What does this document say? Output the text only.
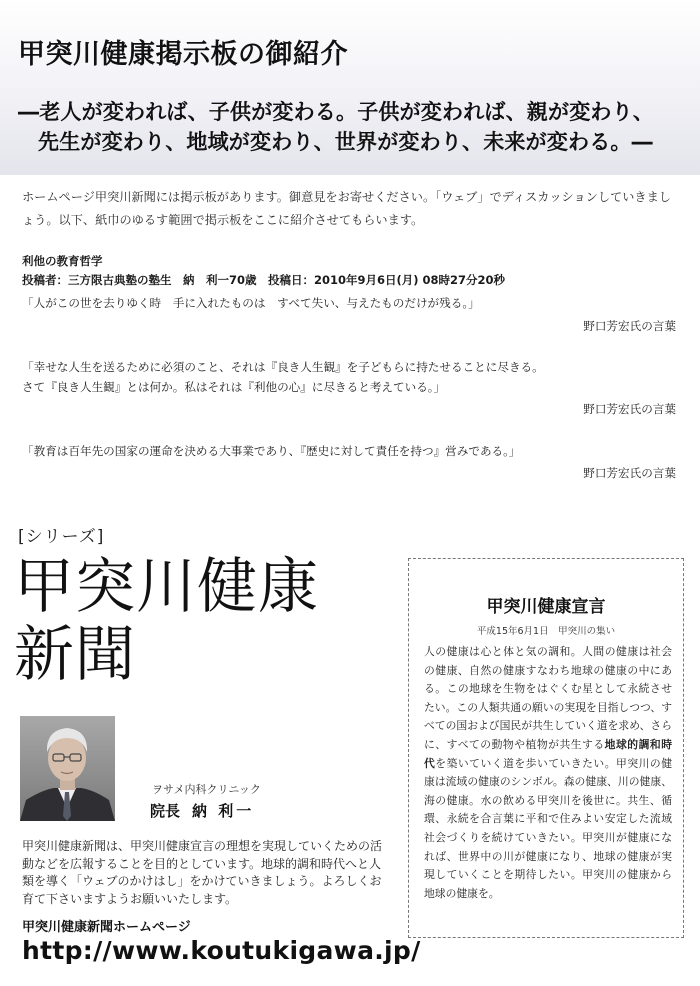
甲突川健康掲示板の御紹介
―老人が変われば、子供が変わる。子供が変われば、親が変わり、
先生が変わり、地域が変わり、世界が変わり、未来が変わる。―
ホームページ甲突川新聞には掲示板があります。御意見をお寄せください。「ウェブ」でディスカッションしていきましょう。以下、紙巾のゆるす範囲で掲示板をここに紹介させてもらいます。
利他の教育哲学
投稿者：三方限古典塾の塾生　納　利一70歳　投稿日：2010年9月6日(月) 08時27分20秒
「人がこの世を去りゆく時　手に入れたものは　すべて失い、与えたものだけが残る。」
野口芳宏氏の言葉
「幸せな人生を送るために必須のこと、それは『良き人生観』を子どもらに持たせることに尽きる。
さて『良き人生観』とは何か。私はそれは『利他の心』に尽きると考えている。」
野口芳宏氏の言葉
「教育は百年先の国家の運命を決める大事業であり、『歴史に対して責任を持つ』営みである。」
野口芳宏氏の言葉
[シリーズ]
甲突川健康
新聞
ヲサメ内科クリニック
院長 納 利一
甲突川健康新聞は、甲突川健康宣言の理想を実現していくための活動などを広報することを目的としています。地球的調和時代へと人類を導く「ウェブのかけはし」をかけていきましょう。よろしくお育て下さいますようお願いいたします。
甲突川健康新聞ホームページ
http://www.koutukigawa.jp/
甲突川健康宣言
平成15年6月1日　甲突川の集い
人の健康は心と体と気の調和。人間の健康は社会の健康、自然の健康すなわち地球の健康の中にある。この地球を生物をはぐくむ星として永続させたい。この人類共通の願いの実現を目指しつつ、すべての国および国民が共生していく道を求め、さらに、すべての動物や植物が共生する地球的調和時代を築いていく道を歩いていきたい。甲突川の健康は流域の健康のシンボル。森の健康、川の健康、海の健康。水の飲める甲突川を後世に。共生、循環、永続を合言葉に平和で住みよい安定した流域社会づくりを続けていきたい。甲突川が健康になれば、世界中の川が健康になり、地球の健康が実現していくことを期待したい。甲突川の健康から地球の健康を。
